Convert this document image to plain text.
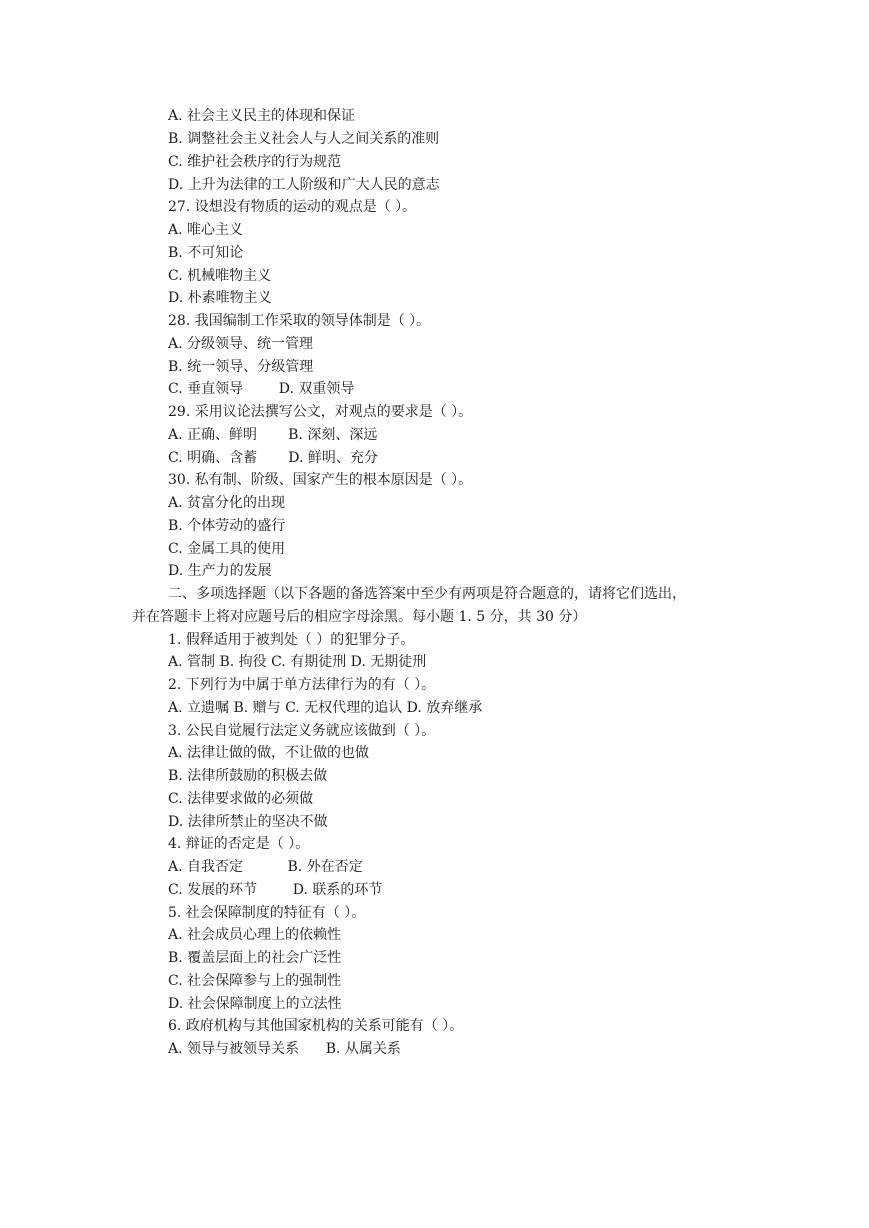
A. 社会主义民主的体现和保证
B. 调整社会主义社会人与人之间关系的准则
C. 维护社会秩序的行为规范
D. 上升为法律的工人阶级和广大人民的意志
27. 设想没有物质的运动的观点是（ ）。
A. 唯心主义
B. 不可知论
C. 机械唯物主义
D. 朴素唯物主义
28. 我国编制工作采取的领导体制是（ ）。
A. 分级领导、统一管理
B. 统一领导、分级管理
C. 垂直领导        D. 双重领导
29. 采用议论法撰写公文，对观点的要求是（ ）。
A. 正确、鲜明       B. 深刻、深远
C. 明确、含蓄       D. 鲜明、充分
30. 私有制、阶级、国家产生的根本原因是（ ）。
A. 贫富分化的出现
B. 个体劳动的盛行
C. 金属工具的使用
D. 生产力的发展
二、多项选择题（以下各题的备选答案中至少有两项是符合题意的，请将它们选出，
并在答题卡上将对应题号后的相应字母涂黑。每小题 1. 5 分，共 30 分）
1. 假释适用于被判处（ ）的犯罪分子。
A. 管制 B. 拘役 C. 有期徒刑 D. 无期徒刑
2. 下列行为中属于单方法律行为的有（ ）。
A. 立遗嘱 B. 赠与 C. 无权代理的追认 D. 放弃继承
3. 公民自觉履行法定义务就应该做到（ ）。
A. 法律让做的做，不让做的也做
B. 法律所鼓励的积极去做
C. 法律要求做的必须做
D. 法律所禁止的坚决不做
4. 辩证的否定是（ ）。
A. 自我否定          B. 外在否定
C. 发展的环节        D. 联系的环节
5. 社会保障制度的特征有（ ）。
A. 社会成员心理上的依赖性
B. 覆盖层面上的社会广泛性
C. 社会保障参与上的强制性
D. 社会保障制度上的立法性
6. 政府机构与其他国家机构的关系可能有（ ）。
A. 领导与被领导关系      B. 从属关系
